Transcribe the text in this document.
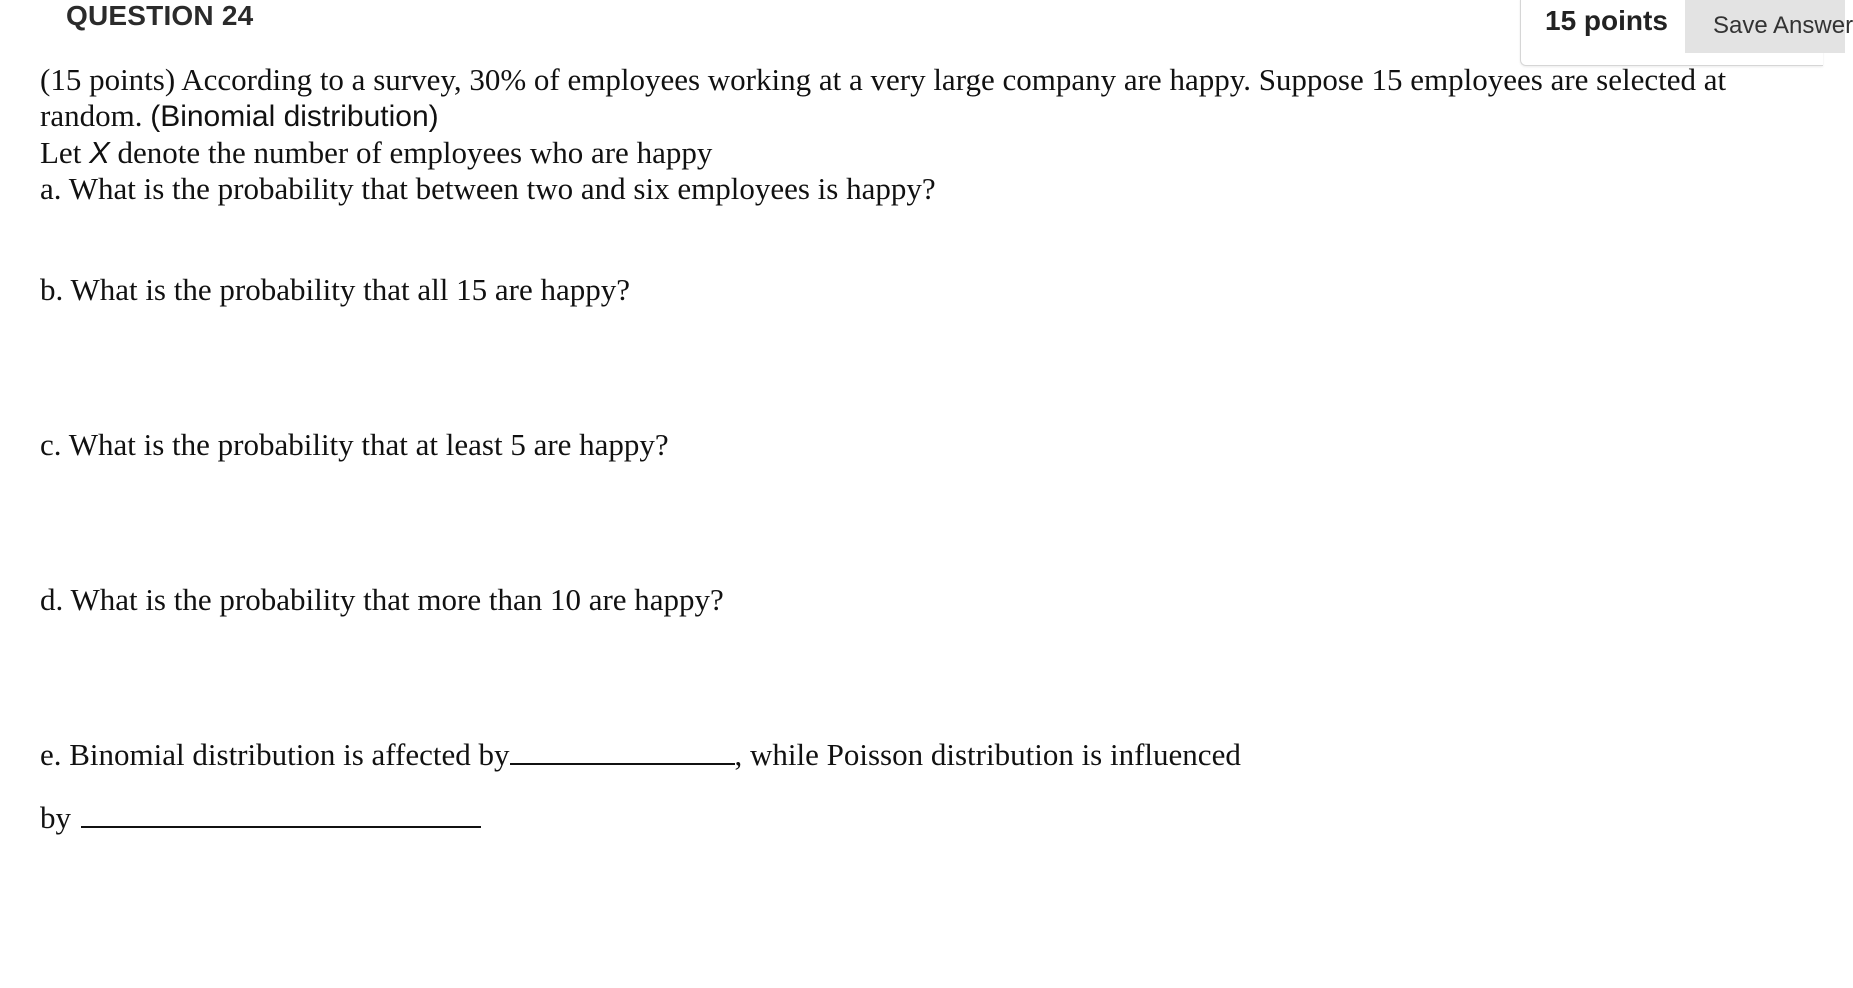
QUESTION 24	15 points	Save Answer
(15 points) According to a survey, 30% of employees working at a very large company are happy. Suppose 15 employees are selected at
random. (Binomial distribution)
Let X denote the number of employees who are happy
a. What is the probability that between two and six employees is happy?
b. What is the probability that all 15 are happy?
c. What is the probability that at least 5 are happy?
d. What is the probability that more than 10 are happy?
e. Binomial distribution is affected by	, while Poisson distribution is influenced
by
